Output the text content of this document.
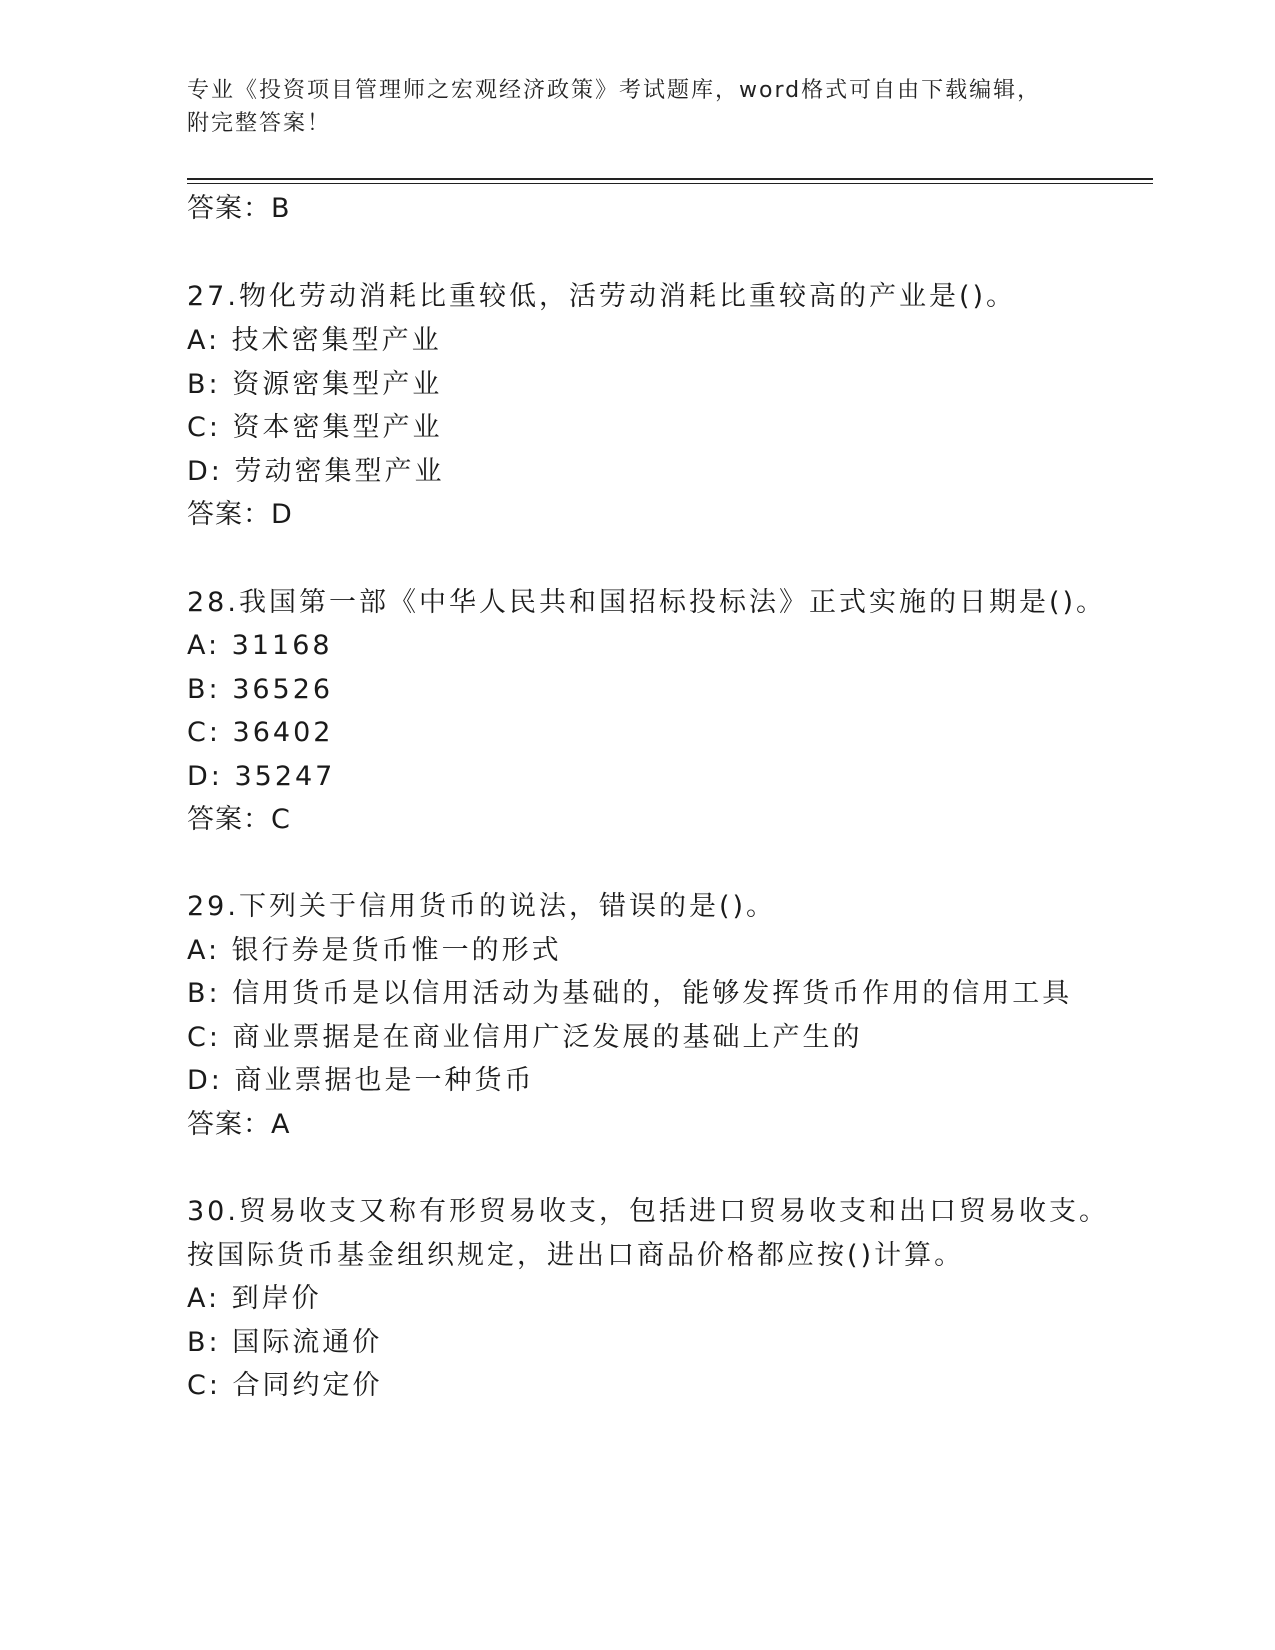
专业《投资项目管理师之宏观经济政策》考试题库，word格式可自由下载编辑，
附完整答案！
答案：B
27.物化劳动消耗比重较低，活劳动消耗比重较高的产业是()。
A: 技术密集型产业
B: 资源密集型产业
C: 资本密集型产业
D: 劳动密集型产业
答案：D
28.我国第一部《中华人民共和国招标投标法》正式实施的日期是()。
A: 31168
B: 36526
C: 36402
D: 35247
答案：C
29.下列关于信用货币的说法，错误的是()。
A: 银行券是货币惟一的形式
B: 信用货币是以信用活动为基础的，能够发挥货币作用的信用工具
C: 商业票据是在商业信用广泛发展的基础上产生的
D: 商业票据也是一种货币
答案：A
30.贸易收支又称有形贸易收支，包括进口贸易收支和出口贸易收支。
按国际货币基金组织规定，进出口商品价格都应按()计算。
A: 到岸价
B: 国际流通价
C: 合同约定价
